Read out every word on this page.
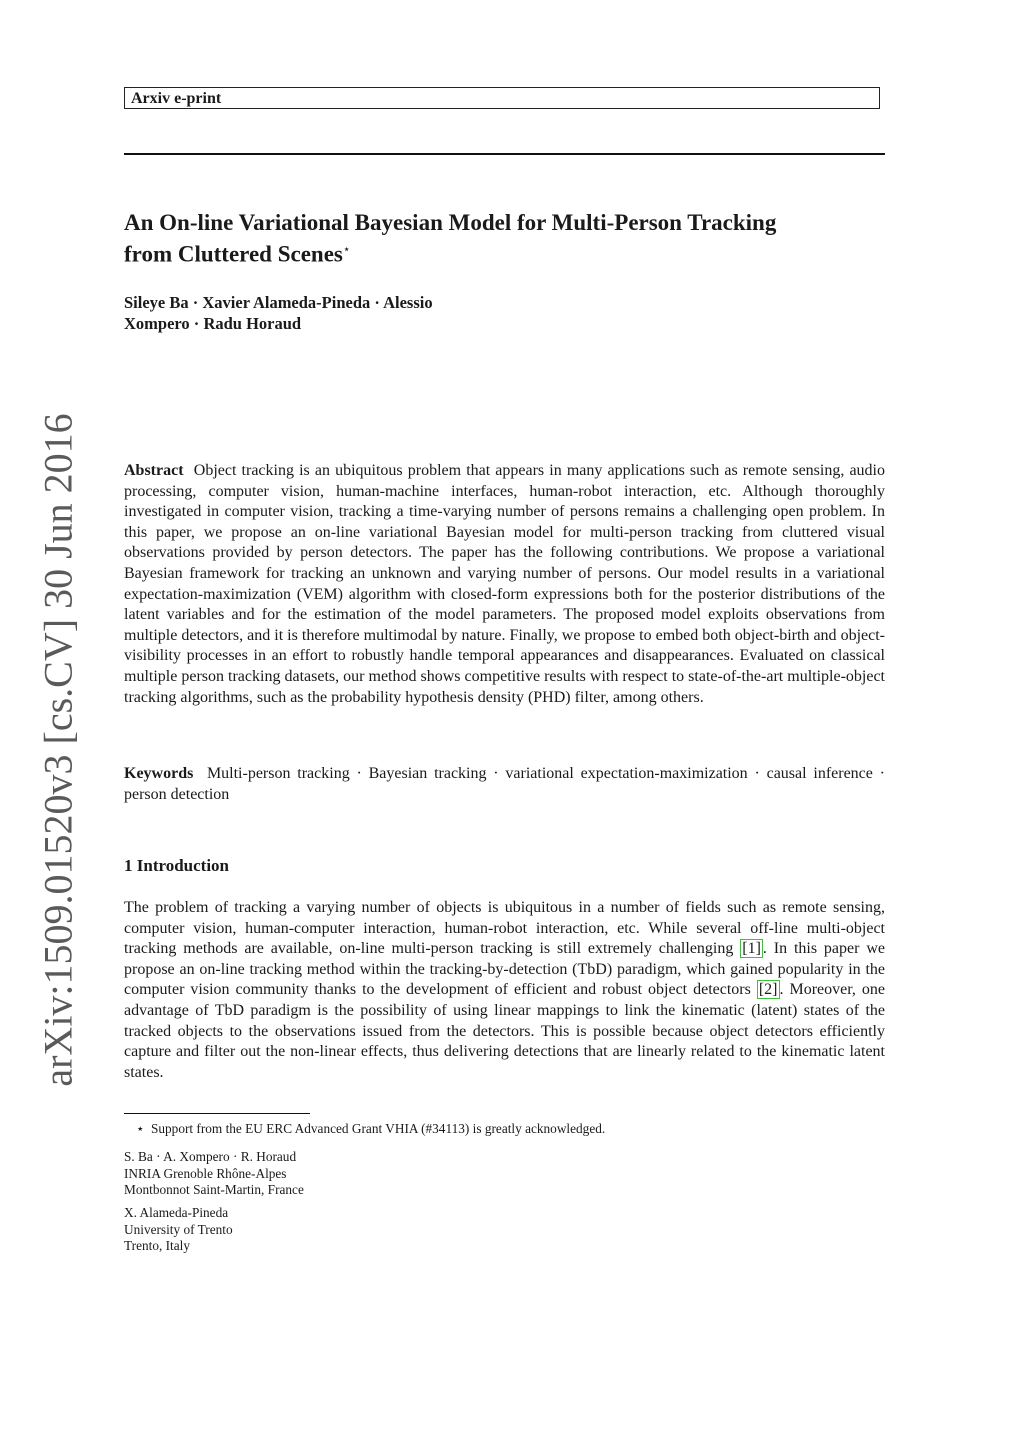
Arxiv e-print
An On-line Variational Bayesian Model for Multi-Person Tracking
from Cluttered Scenes⋆
Sileye Ba · Xavier Alameda-Pineda · Alessio
Xompero · Radu Horaud
arXiv:1509.01520v3 [cs.CV] 30 Jun 2016	Abstract Object tracking is an ubiquitous problem that appears in many applications such as remote sensing, audio processing, computer vision, human-machine interfaces, human-robot interaction, etc. Although thoroughly investigated in computer vision, tracking a time-varying number of persons remains a challenging open problem. In this paper, we propose an on-line variational Bayesian model for multi-person tracking from cluttered visual observations provided by person detectors. The paper has the following contributions. We propose a variational Bayesian framework for tracking an unknown and varying number of persons. Our model results in a variational expectation-maximization (VEM) algorithm with closed-form expressions both for the posterior distributions of the latent variables and for the estimation of the model parameters. The proposed model exploits observations from multiple detectors, and it is therefore multimodal by nature. Finally, we propose to embed both object-birth and object-visibility processes in an effort to robustly handle temporal appearances and disappearances. Evaluated on classical multiple person tracking datasets, our method shows competitive results with respect to state-of-the-art multiple-object tracking algorithms, such as the probability hypothesis density (PHD) filter, among others.

Keywords Multi-person tracking · Bayesian tracking · variational expectation-maximization · causal inference · person detection

1 Introduction

The problem of tracking a varying number of objects is ubiquitous in a number of fields such as remote sensing, computer vision, human-computer interaction, human-robot interaction, etc. While several off-line multi-object tracking methods are available, on-line multi-person tracking is still extremely challenging [1] . In this paper we propose an on-line tracking method within the tracking-by-detection (TbD) paradigm, which gained popularity in the computer vision community thanks to the development of efficient and robust object detectors [2] . Moreover, one advantage of TbD paradigm is the possibility of using linear mappings to link the kinematic (latent) states of the tracked objects to the observations issued from the detectors. This is possible because object detectors efficiently capture and filter out the non-linear effects, thus delivering detections that are linearly related to the kinematic latent states.

⋆ Support from the EU ERC Advanced Grant VHIA (#34113) is greatly acknowledged.

S. Ba · A. Xompero · R. Horaud
INRIA Grenoble Rhône-Alpes
Montbonnot Saint-Martin, France
X. Alameda-Pineda
University of Trento
Trento, Italy
